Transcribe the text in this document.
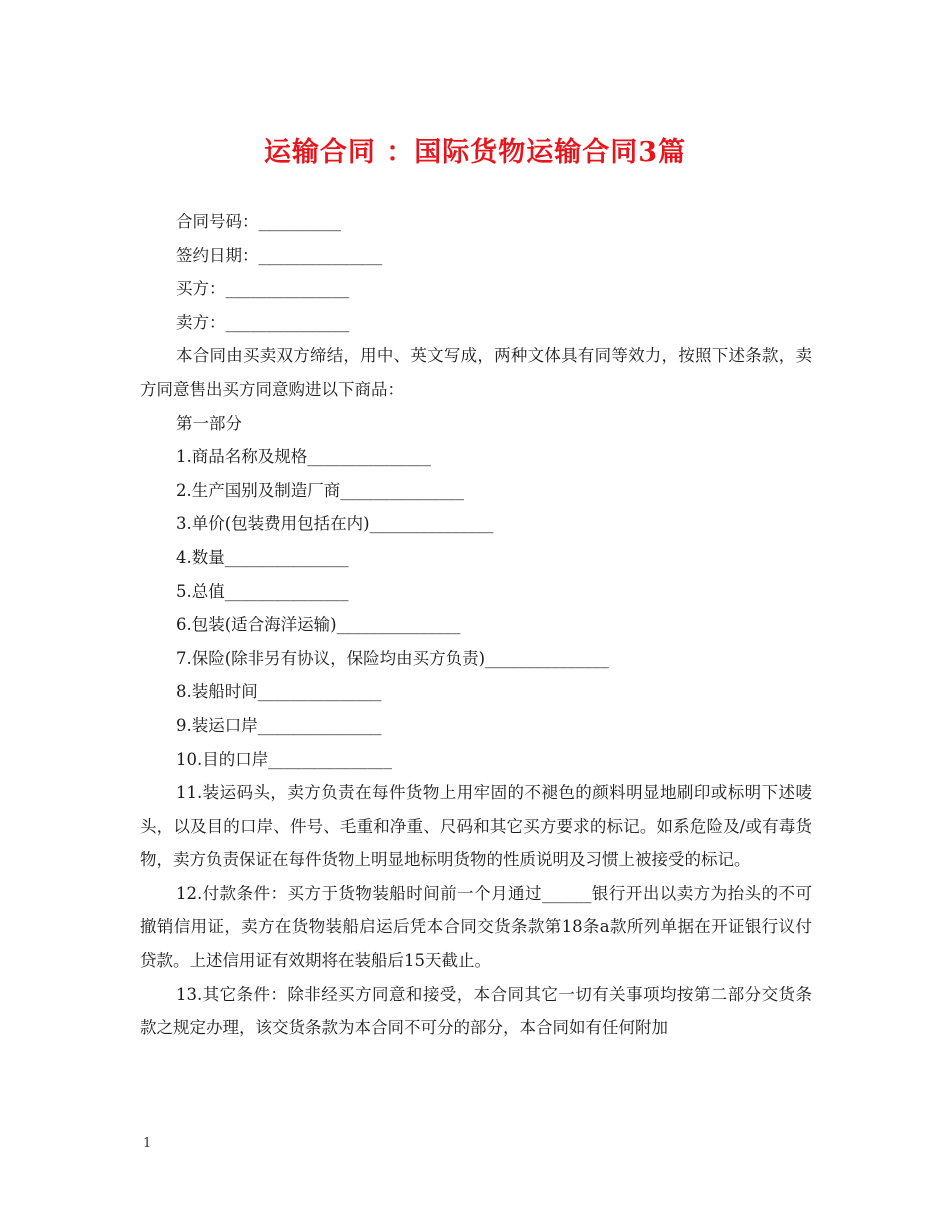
运输合同 ：国际货物运输合同3篇
合同号码：__________
签约日期：_______________
买方：_______________
卖方：_______________
本合同由买卖双方缔结，用中、英文写成，两种文体具有同等效力，按照下述条款，卖方同意售出买方同意购进以下商品：
第一部分
1.商品名称及规格_______________
2.生产国别及制造厂商_______________
3.单价(包装费用包括在内)_______________
4.数量_______________
5.总值_______________
6.包装(适合海洋运输)_______________
7.保险(除非另有协议，保险均由买方负责)_______________
8.装船时间_______________
9.装运口岸_______________
10.目的口岸_______________
11.装运码头，卖方负责在每件货物上用牢固的不褪色的颜料明显地刷印或标明下述唛头，以及目的口岸、件号、毛重和净重、尺码和其它买方要求的标记。如系危险及/或有毒货物，卖方负责保证在每件货物上明显地标明货物的性质说明及习惯上被接受的标记。
12.付款条件：买方于货物装船时间前一个月通过______银行开出以卖方为抬头的不可撤销信用证，卖方在货物装船启运后凭本合同交货条款第18条a款所列单据在开证银行议付贷款。上述信用证有效期将在装船后15天截止。
13.其它条件：除非经买方同意和接受，本合同其它一切有关事项均按第二部分交货条款之规定办理，该交货条款为本合同不可分的部分，本合同如有任何附加
1
